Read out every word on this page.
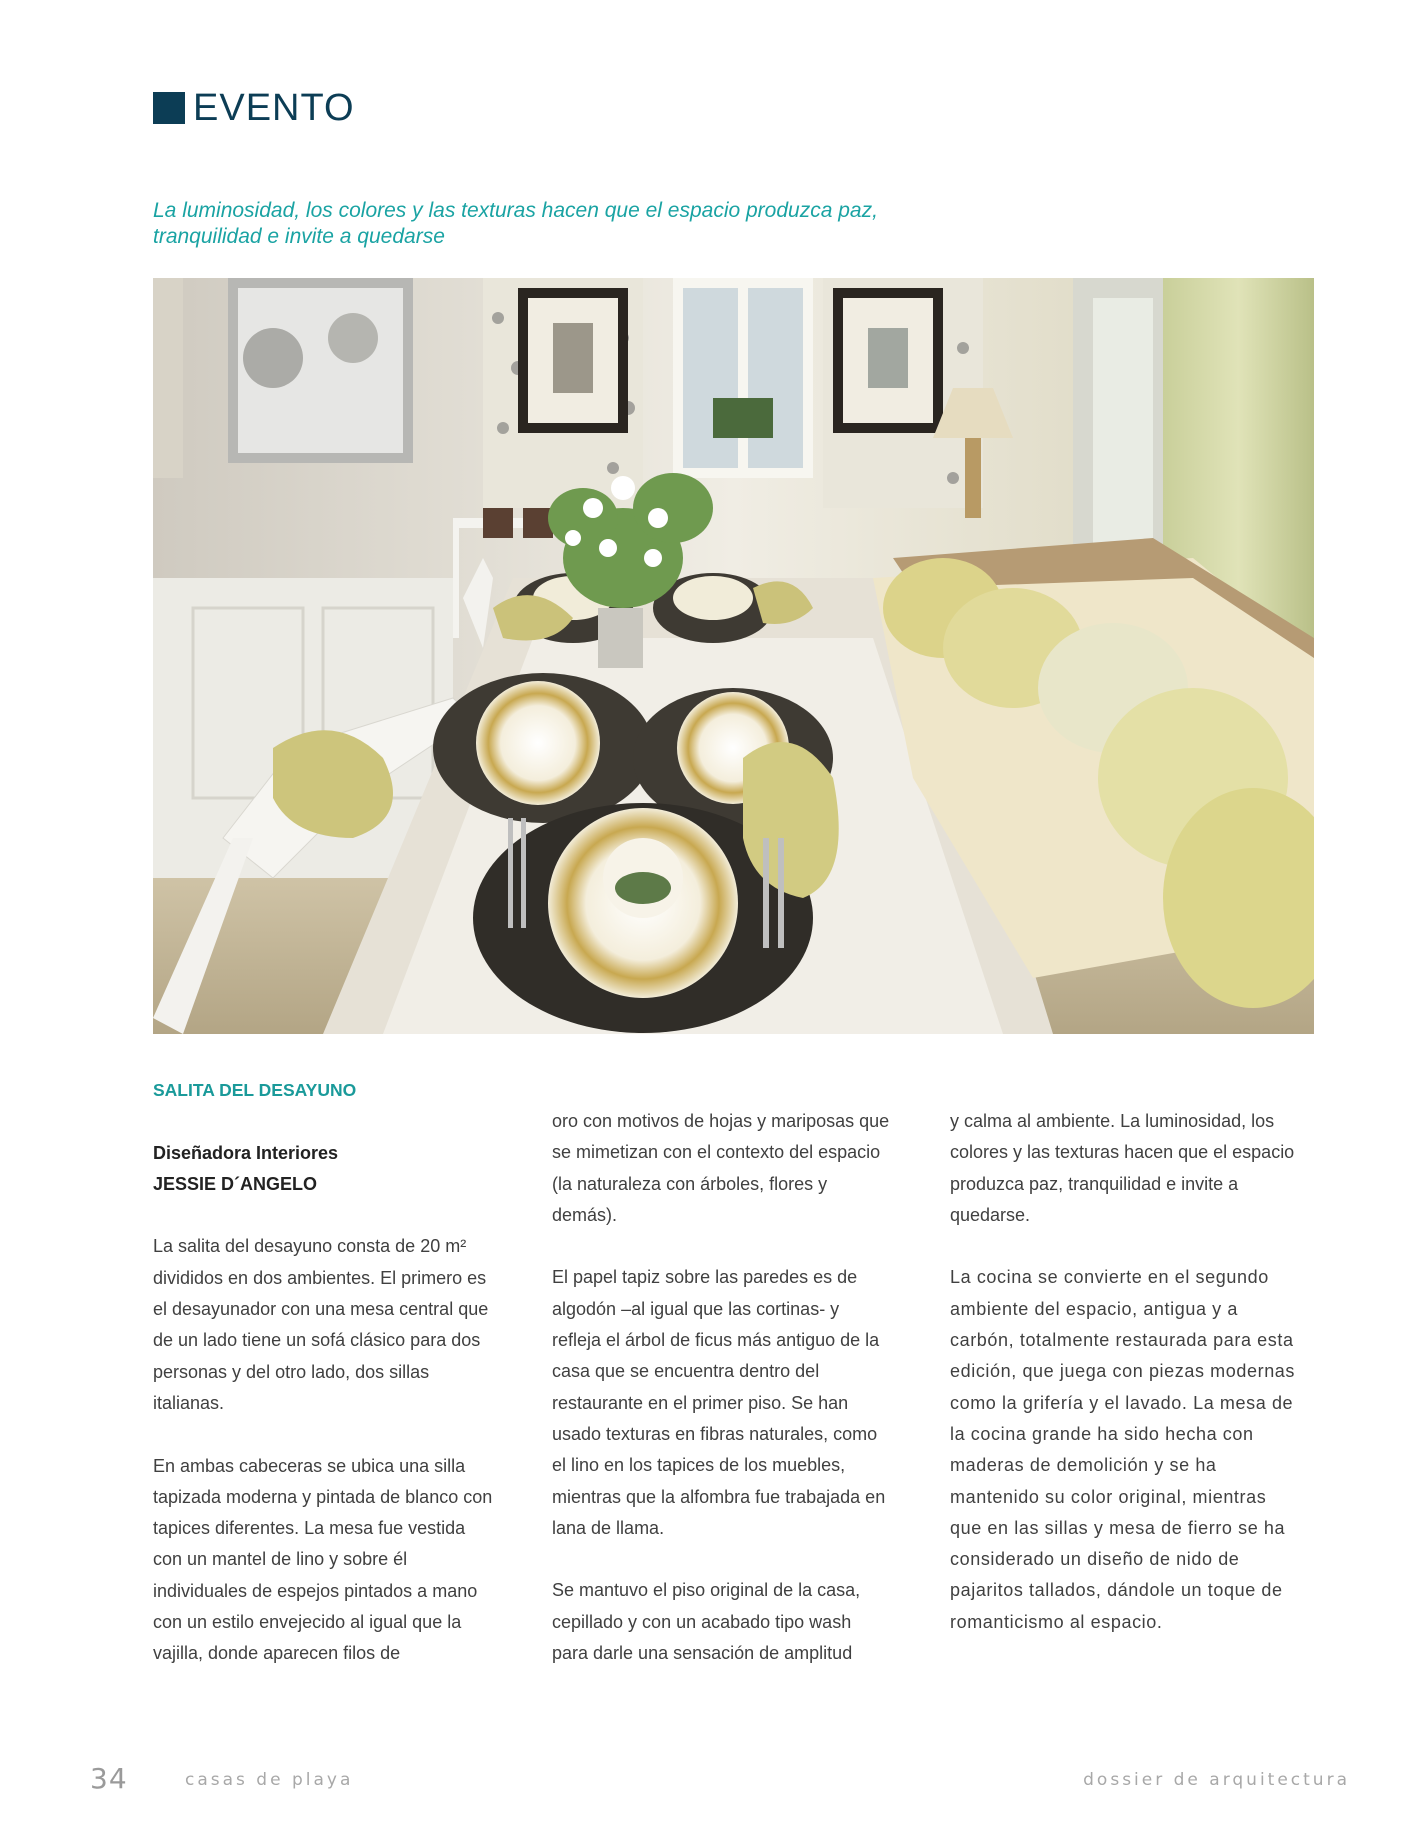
EVENTO

La luminosidad, los colores y las texturas hacen que el espacio produzca paz, tranquilidad e invite a quedarse

SALITA DEL DESAYUNO

Diseñadora Interiores
JESSIE D´ANGELO

La salita del desayuno consta de 20 m² divididos en dos ambientes. El primero es el desayunador con una mesa central que de un lado tiene un sofá clásico para dos personas y del otro lado, dos sillas italianas.

En ambas cabeceras se ubica una silla tapizada moderna y pintada de blanco con tapices diferentes. La mesa fue vestida con un mantel de lino y sobre él individuales de espejos pintados a mano con un estilo envejecido al igual que la vajilla, donde aparecen filos de

oro con motivos de hojas y mariposas que se mimetizan con el contexto del espacio (la naturaleza con árboles, flores y demás).

El papel tapiz sobre las paredes es de algodón –al igual que las cortinas- y refleja el árbol de ficus más antiguo de la casa que se encuentra dentro del restaurante en el primer piso. Se han usado texturas en fibras naturales, como el lino en los tapices de los muebles, mientras que la alfombra fue trabajada en lana de llama.

Se mantuvo el piso original de la casa, cepillado y con un acabado tipo wash para darle una sensación de amplitud

y calma al ambiente. La luminosidad, los colores y las texturas hacen que el espacio produzca paz, tranquilidad e invite a quedarse.

La cocina se convierte en el segundo ambiente del espacio, antigua y a carbón, totalmente restaurada para esta edición, que juega con piezas modernas como la grifería y el lavado. La mesa de la cocina grande ha sido hecha con maderas de demolición y se ha mantenido su color original, mientras que en las sillas y mesa de fierro se ha considerado un diseño de nido de pajaritos tallados, dándole un toque de romanticismo al espacio.

34	casas de playa	dossier de arquitectura
